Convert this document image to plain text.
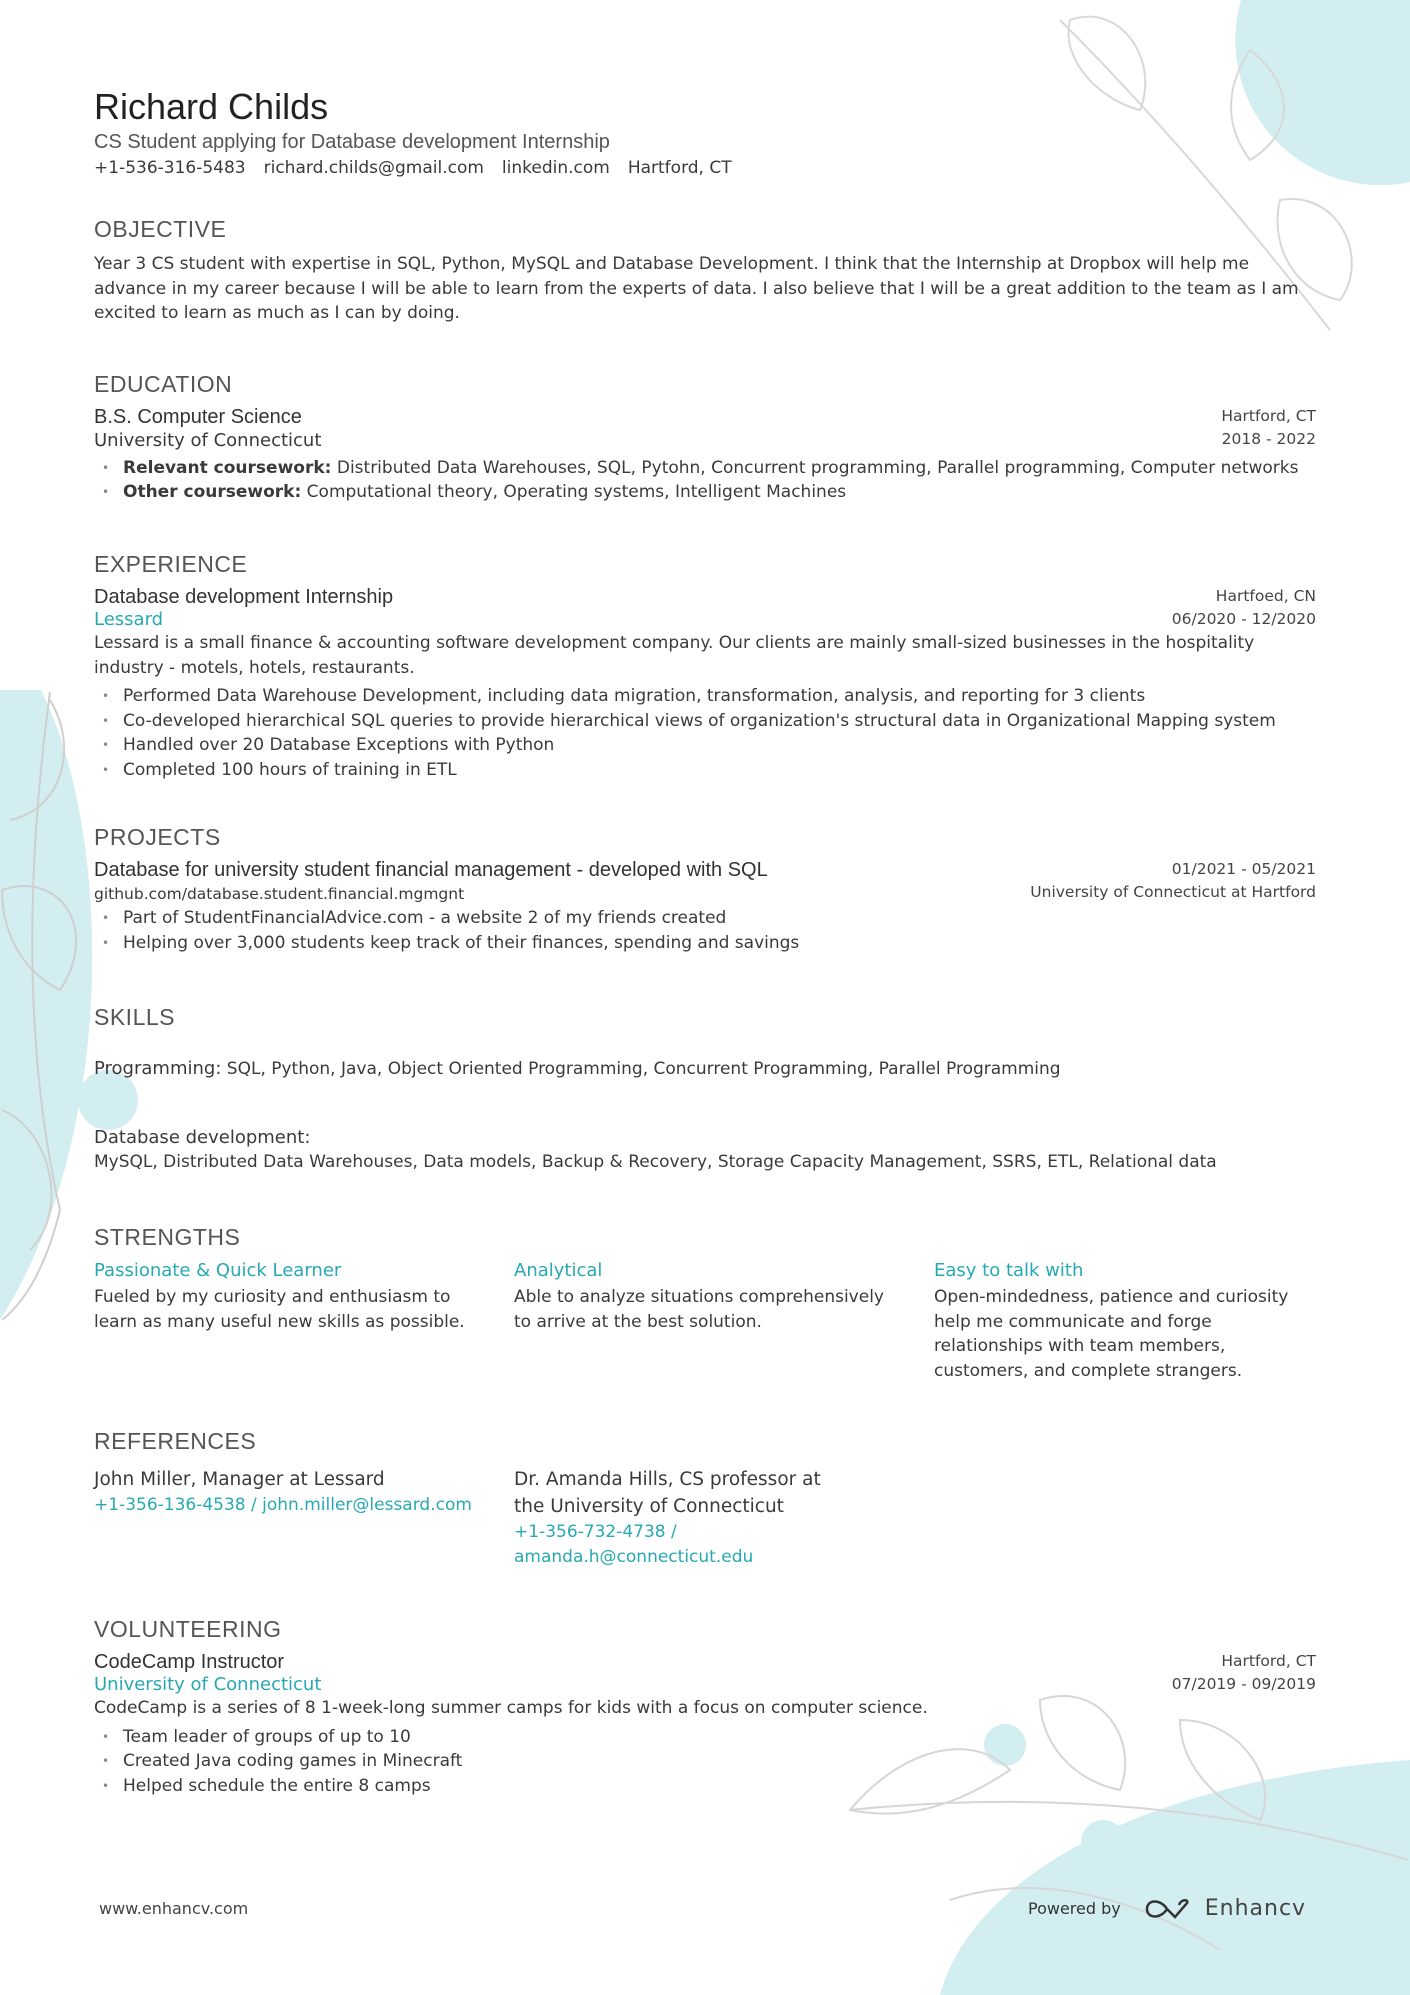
Richard Childs
CS Student applying for Database development Internship
+1-536-316-5483 richard.childs@gmail.com linkedin.com Hartford, CT
OBJECTIVE
Year 3 CS student with expertise in SQL, Python, MySQL and Database Development. I think that the Internship at Dropbox will help me advance in my career because I will be able to learn from the experts of data. I also believe that I will be a great addition to the team as I am excited to learn as much as I can by doing.
EDUCATION
B.S. Computer Science
University of Connecticut
Hartford, CT
2018 - 2022
• Relevant coursework: Distributed Data Warehouses, SQL, Pytohn, Concurrent programming, Parallel programming, Computer networks
• Other coursework: Computational theory, Operating systems, Intelligent Machines
EXPERIENCE
Database development Internship
Lessard
Hartfoed, CN
06/2020 - 12/2020
Lessard is a small finance & accounting software development company. Our clients are mainly small-sized businesses in the hospitality industry - motels, hotels, restaurants.
• Performed Data Warehouse Development, including data migration, transformation, analysis, and reporting for 3 clients
• Co-developed hierarchical SQL queries to provide hierarchical views of organization's structural data in Organizational Mapping system
• Handled over 20 Database Exceptions with Python
• Completed 100 hours of training in ETL
PROJECTS
Database for university student financial management - developed with SQL
github.com/database.student.financial.mgmgnt
01/2021 - 05/2021
University of Connecticut at Hartford
• Part of StudentFinancialAdvice.com - a website 2 of my friends created
• Helping over 3,000 students keep track of their finances, spending and savings
SKILLS
Programming: SQL, Python, Java, Object Oriented Programming, Concurrent Programming, Parallel Programming
Database development:
MySQL, Distributed Data Warehouses, Data models, Backup & Recovery, Storage Capacity Management, SSRS, ETL, Relational data
STRENGTHS
Passionate & Quick Learner
Fueled by my curiosity and enthusiasm to learn as many useful new skills as possible.
Analytical
Able to analyze situations comprehensively to arrive at the best solution.
Easy to talk with
Open-mindedness, patience and curiosity help me communicate and forge relationships with team members, customers, and complete strangers.
REFERENCES
John Miller, Manager at Lessard
+1-356-136-4538 / john.miller@lessard.com
Dr. Amanda Hills, CS professor at the University of Connecticut
+1-356-732-4738 / amanda.h@connecticut.edu
VOLUNTEERING
CodeCamp Instructor
University of Connecticut
Hartford, CT
07/2019 - 09/2019
CodeCamp is a series of 8 1-week-long summer camps for kids with a focus on computer science.
• Team leader of groups of up to 10
• Created Java coding games in Minecraft
• Helped schedule the entire 8 camps
www.enhancv.com	Powered by	Enhancv
